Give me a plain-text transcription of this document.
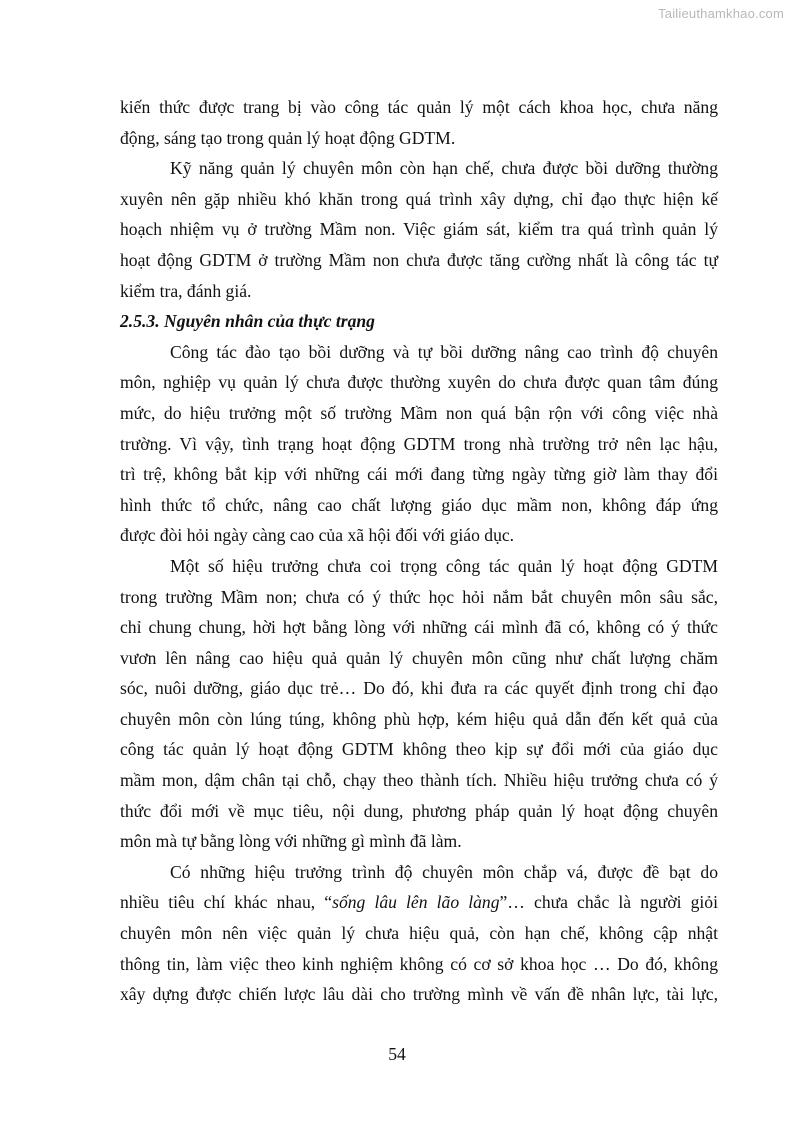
Tailieuthamkhao.com
kiến thức được trang bị vào công tác quản lý một cách khoa học, chưa năng
động, sáng tạo trong quản lý hoạt động GDTM.
Kỹ năng quản lý chuyên môn còn hạn chế, chưa được bồi dưỡng thường
xuyên nên gặp nhiều khó khăn trong quá trình xây dựng, chỉ đạo thực hiện kế
hoạch nhiệm vụ ở trường Mầm non. Việc giám sát, kiểm tra quá trình quản lý
hoạt động GDTM ở trường Mầm non chưa được tăng cường nhất là công tác tự
kiểm tra, đánh giá.
2.5.3. Nguyên nhân của thực trạng
Công tác đào tạo bồi dưỡng và tự bồi dưỡng nâng cao trình độ chuyên
môn, nghiệp vụ quản lý chưa được thường xuyên do chưa được quan tâm đúng
mức, do hiệu trưởng một số trường Mầm non quá bận rộn với công việc nhà
trường. Vì vậy, tình trạng hoạt động GDTM trong nhà trường trở nên lạc hậu,
trì trệ, không bắt kịp với những cái mới đang từng ngày từng giờ làm thay đổi
hình thức tổ chức, nâng cao chất lượng giáo dục mầm non, không đáp ứng
được đòi hỏi ngày càng cao của xã hội đối với giáo dục.
Một số hiệu trưởng chưa coi trọng công tác quản lý hoạt động GDTM
trong trường Mầm non; chưa có ý thức học hỏi nắm bắt chuyên môn sâu sắc,
chỉ chung chung, hời hợt bằng lòng với những cái mình đã có, không có ý thức
vươn lên nâng cao hiệu quả quản lý chuyên môn cũng như chất lượng chăm
sóc, nuôi dưỡng, giáo dục trẻ… Do đó, khi đưa ra các quyết định trong chỉ đạo
chuyên môn còn lúng túng, không phù hợp, kém hiệu quả dẫn đến kết quả của
công tác quản lý hoạt động GDTM không theo kịp sự đổi mới của giáo dục
mầm mon, dậm chân tại chỗ, chạy theo thành tích. Nhiều hiệu trưởng chưa có ý
thức đổi mới về mục tiêu, nội dung, phương pháp quản lý hoạt động chuyên
môn mà tự bằng lòng với những gì mình đã làm.
Có những hiệu trưởng trình độ chuyên môn chắp vá, được đề bạt do
nhiều tiêu chí khác nhau, “sống lâu lên lão làng”… chưa chắc là người giỏi
chuyên môn nên việc quản lý chưa hiệu quả, còn hạn chế, không cập nhật
thông tin, làm việc theo kinh nghiệm không có cơ sở khoa học … Do đó, không
xây dựng được chiến lược lâu dài cho trường mình về vấn đề nhân lực, tài lực,
54
